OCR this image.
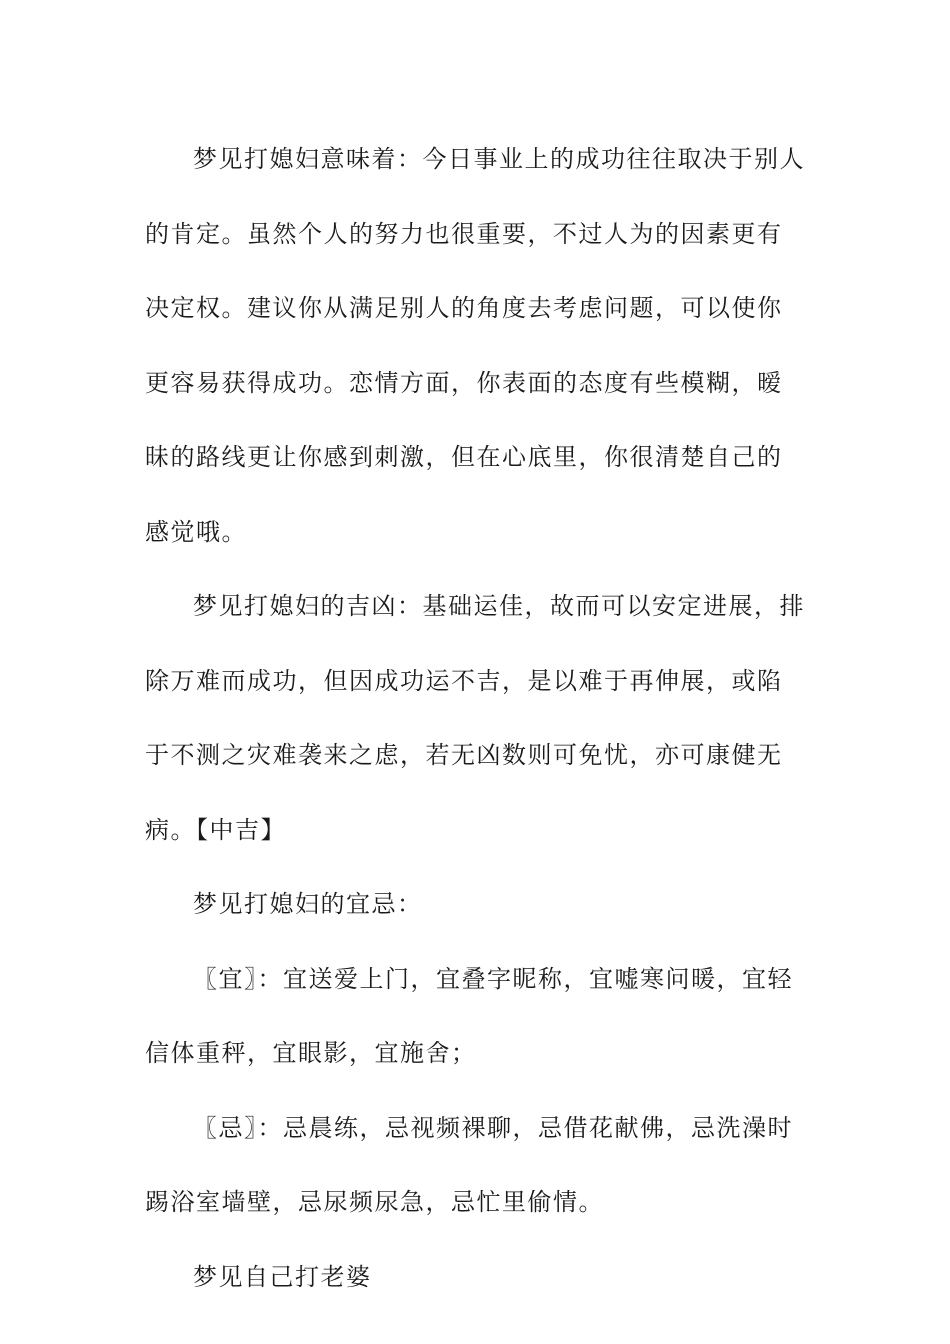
梦见打媳妇意味着：今日事业上的成功往往取决于别人的肯定。虽然个人的努力也很重要，不过人为的因素更有决定权。建议你从满足别人的角度去考虑问题，可以使你更容易获得成功。恋情方面，你表面的态度有些模糊，暧昧的路线更让你感到刺激，但在心底里，你很清楚自己的感觉哦。

梦见打媳妇的吉凶：基础运佳，故而可以安定进展，排除万难而成功，但因成功运不吉，是以难于再伸展，或陷于不测之灾难袭来之虑，若无凶数则可免忧，亦可康健无病。【中吉】

梦见打媳妇的宜忌：

〖宜〗：宜送爱上门，宜叠字昵称，宜嘘寒问暖，宜轻信体重秤，宜眼影，宜施舍；

〖忌〗：忌晨练，忌视频裸聊，忌借花献佛，忌洗澡时踢浴室墙壁，忌尿频尿急，忌忙里偷情。

梦见自己打老婆
